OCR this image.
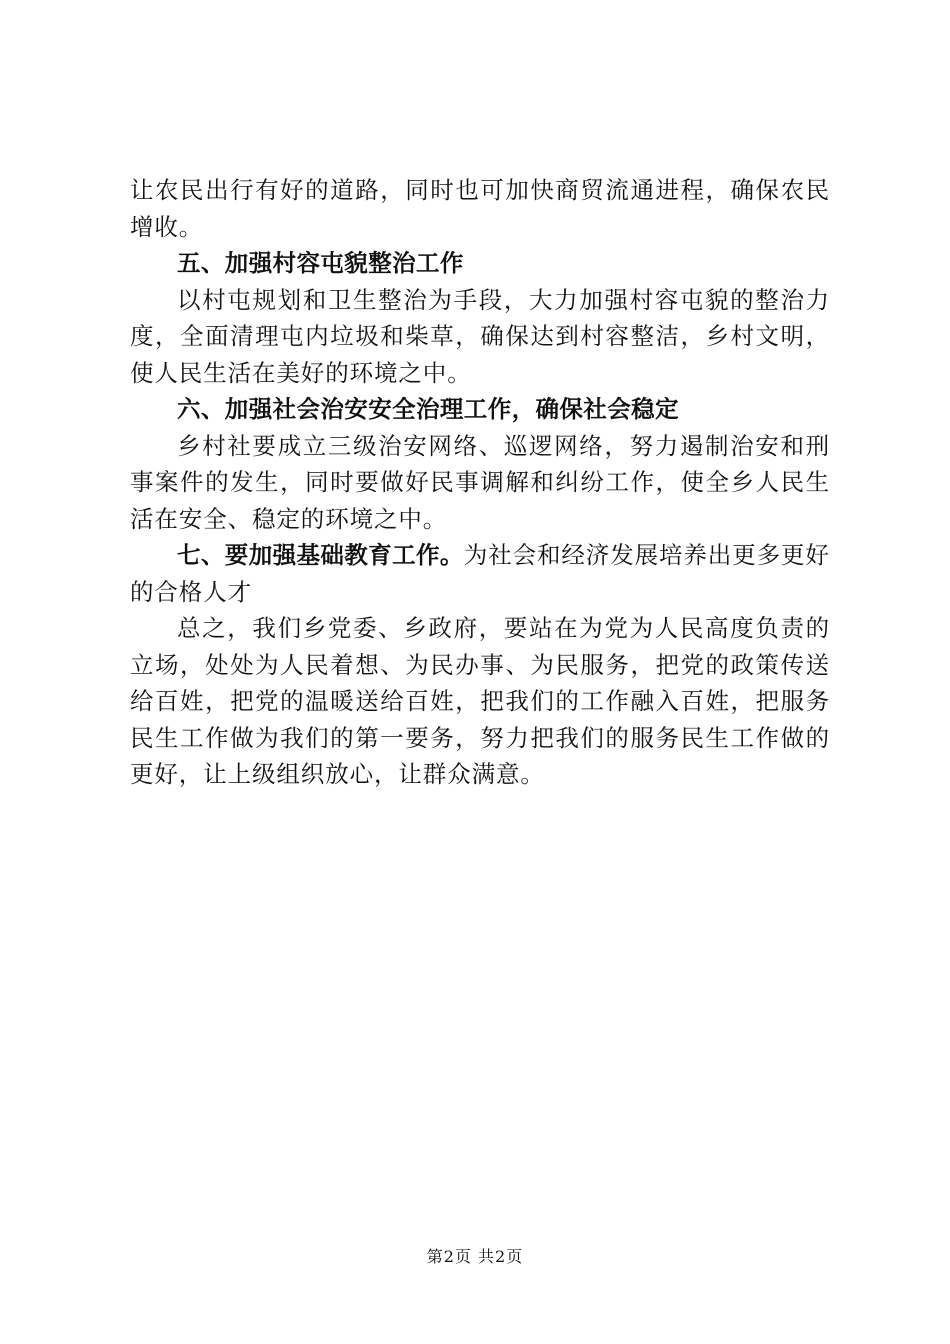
让农民出行有好的道路，同时也可加快商贸流通进程，确保农民增收。

五、加强村容屯貌整治工作

以村屯规划和卫生整治为手段，大力加强村容屯貌的整治力度，全面清理屯内垃圾和柴草，确保达到村容整洁，乡村文明，使人民生活在美好的环境之中。

六、加强社会治安安全治理工作，确保社会稳定

乡村社要成立三级治安网络、巡逻网络，努力遏制治安和刑事案件的发生，同时要做好民事调解和纠纷工作，使全乡人民生活在安全、稳定的环境之中。

七、要加强基础教育工作。为社会和经济发展培养出更多更好的合格人才

总之，我们乡党委、乡政府，要站在为党为人民高度负责的立场，处处为人民着想、为民办事、为民服务，把党的政策传送给百姓，把党的温暖送给百姓，把我们的工作融入百姓，把服务民生工作做为我们的第一要务，努力把我们的服务民生工作做的更好，让上级组织放心，让群众满意。

第2页 共2页
